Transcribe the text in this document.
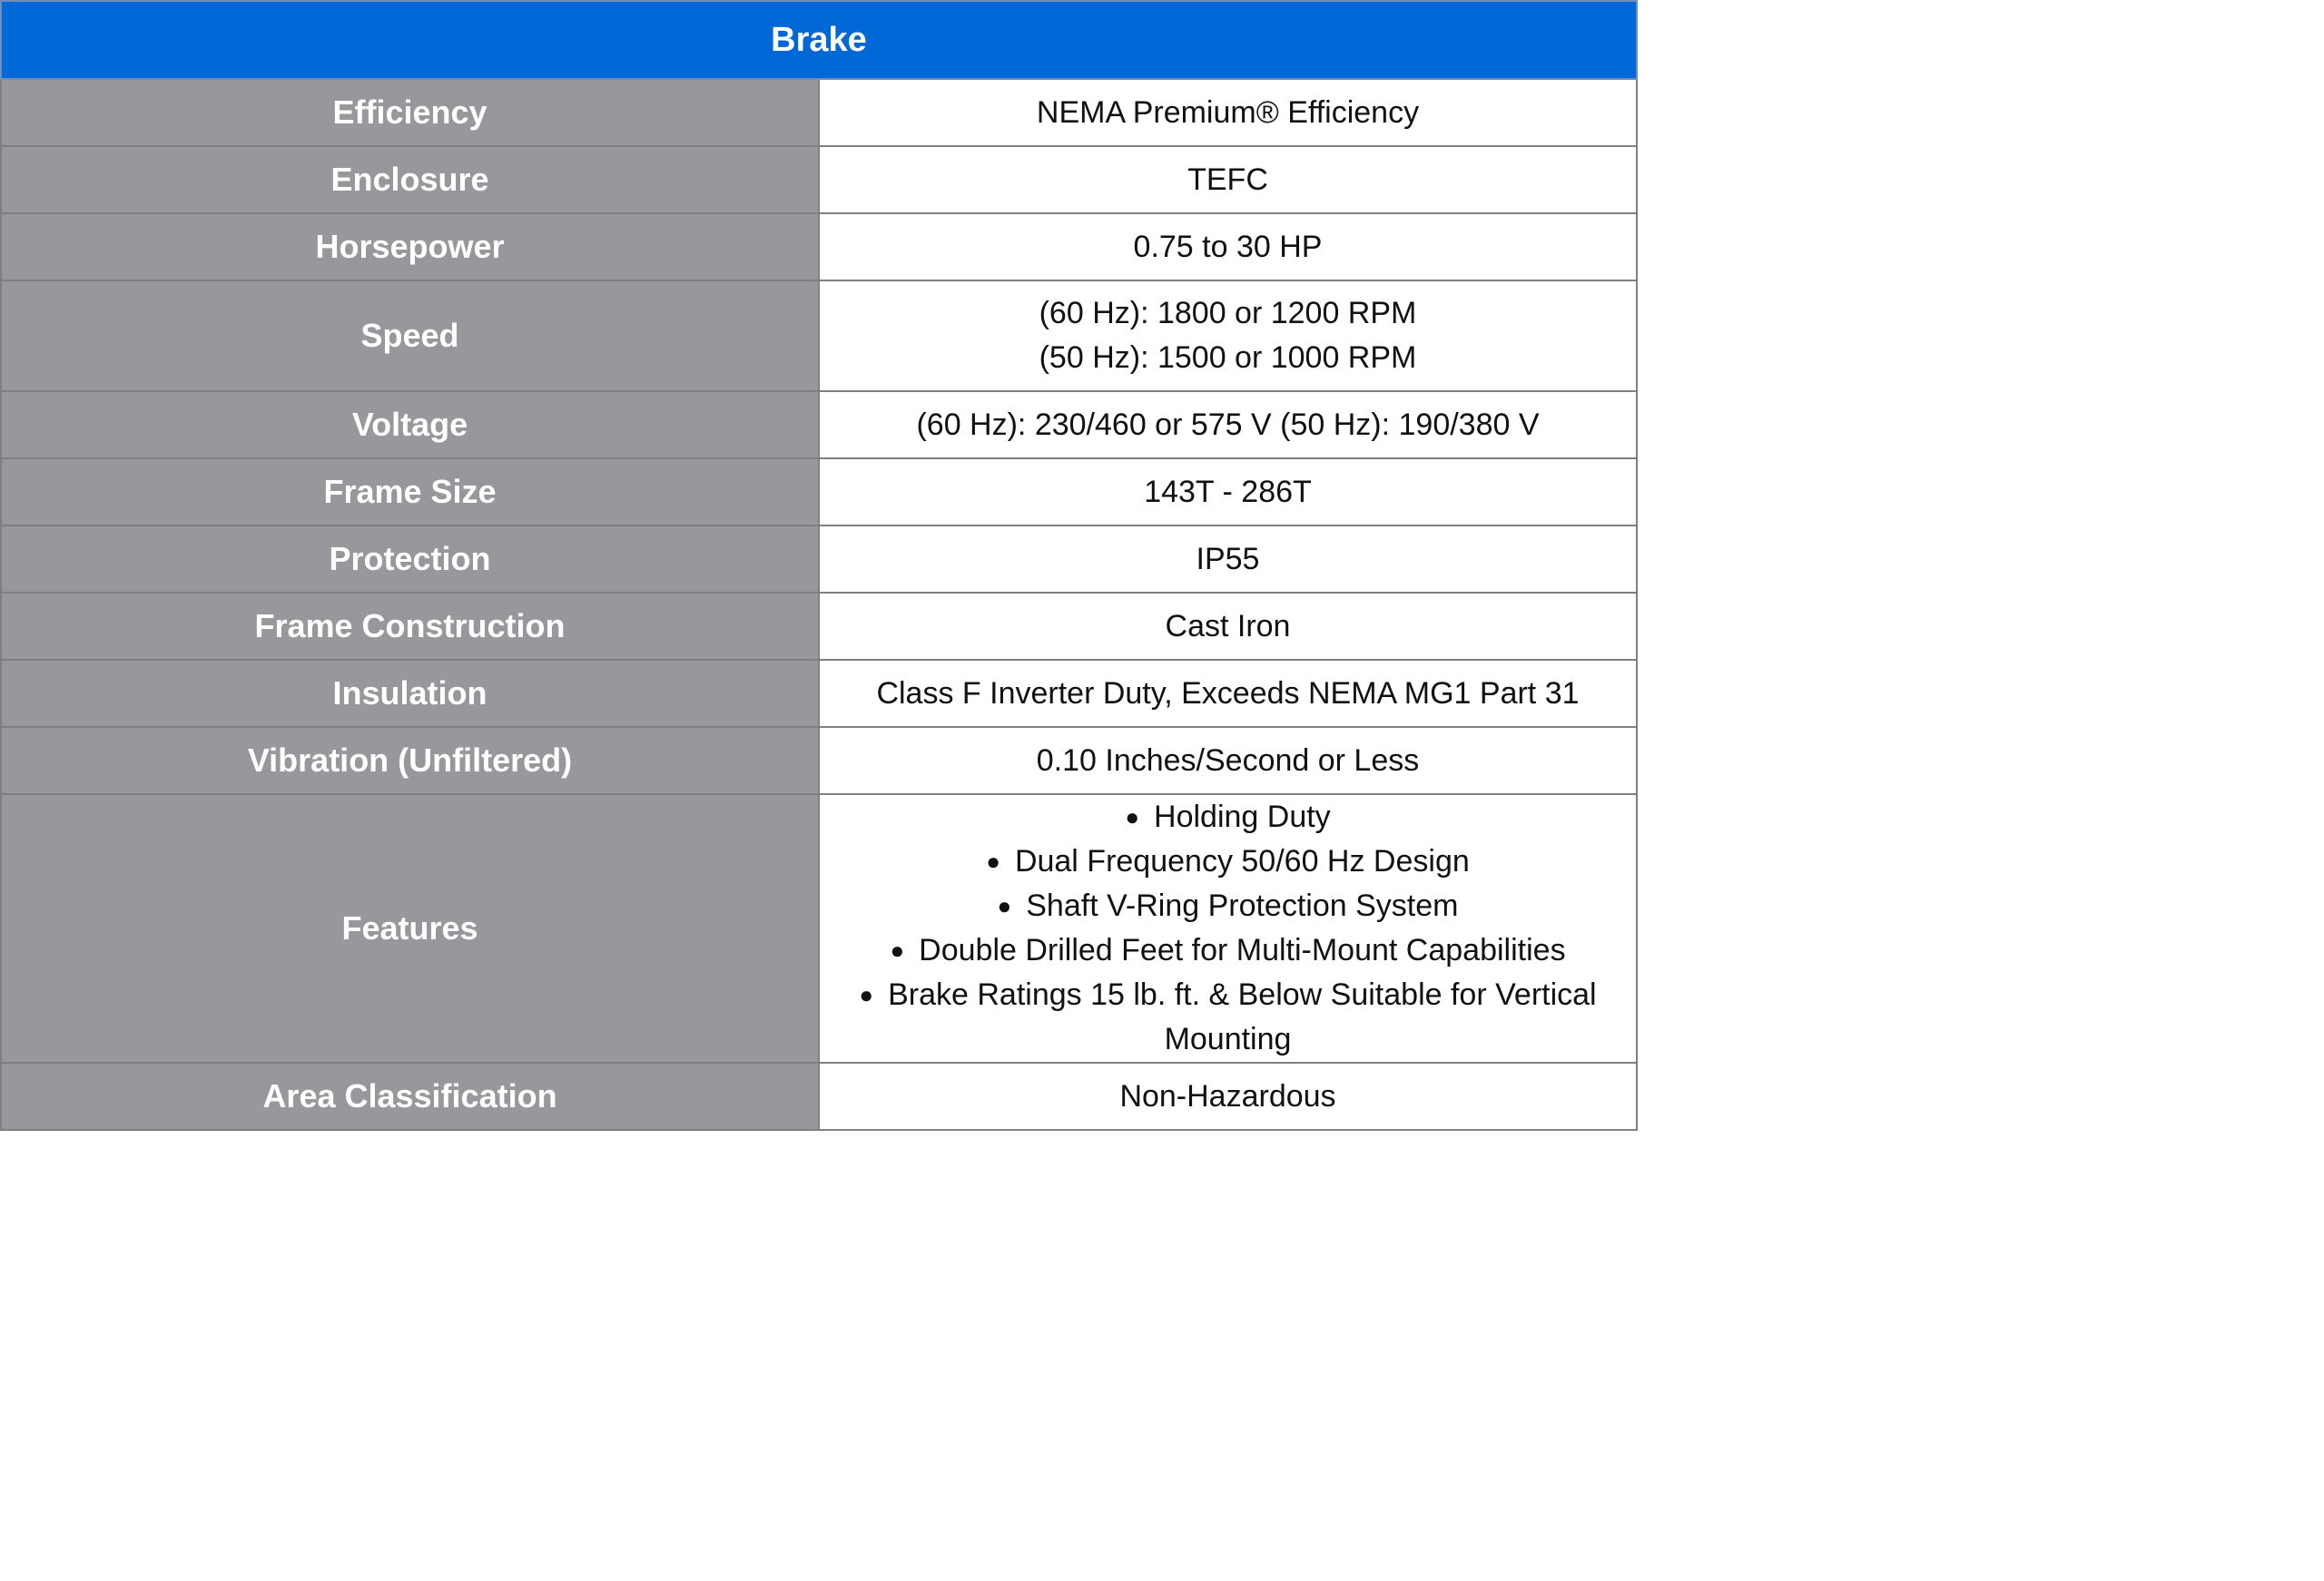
Brake	
Efficiency	NEMA Premium® Efficiency
Enclosure	TEFC
Horsepower	0.75 to 30 HP
Speed	(60 Hz): 1800 or 1200 RPM
(50 Hz): 1500 or 1000 RPM

Voltage	(60 Hz): 230/460 or 575 V (50 Hz): 190/380 V
Frame Size	143T - 286T
Protection	IP55
Frame Construction	Cast Iron
Insulation	Class F Inverter Duty, Exceeds NEMA MG1 Part 31
Vibration (Unfiltered)	0.10 Inches/Second or Less
Features	● Holding Duty
● Dual Frequency 50/60 Hz Design
● Shaft V-Ring Protection System
● Double Drilled Feet for Multi-Mount Capabilities
● Brake Ratings 15 lb. ft. & Below Suitable for Vertical Mounting

Area Classification	Non-Hazardous
